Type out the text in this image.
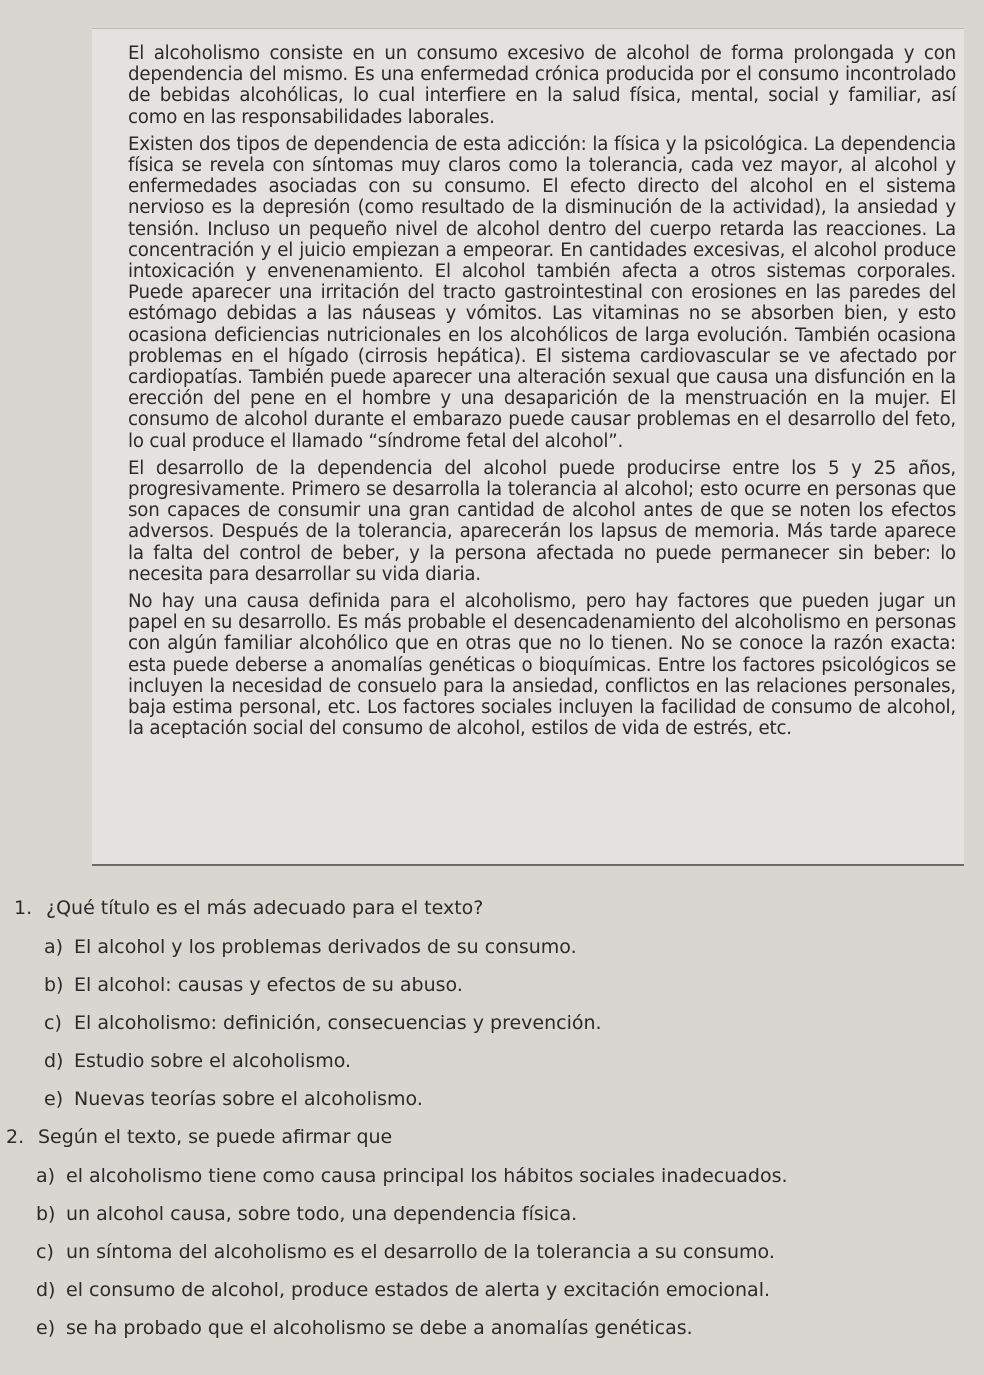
El alcoholismo consiste en un consumo excesivo de alcohol de forma prolongada y con dependencia del mismo. Es una enfermedad crónica producida por el consumo incontrolado de bebidas alcohólicas, lo cual interfiere en la salud física, mental, social y familiar, así como en las responsabilidades laborales.

Existen dos tipos de dependencia de esta adicción: la física y la psicológica. La dependencia física se revela con síntomas muy claros como la tolerancia, cada vez mayor, al alcohol y enfermedades asociadas con su consumo. El efecto directo del alcohol en el sistema nervioso es la depresión (como resultado de la disminución de la actividad), la ansiedad y tensión. Incluso un pequeño nivel de alcohol dentro del cuerpo retarda las reacciones. La concentración y el juicio empiezan a empeorar. En cantidades excesivas, el alcohol produce intoxicación y envenenamiento. El alcohol también afecta a otros sistemas corporales. Puede aparecer una irritación del tracto gastrointestinal con erosiones en las paredes del estómago debidas a las náuseas y vómitos. Las vitaminas no se absorben bien, y esto ocasiona deficiencias nutricionales en los alcohólicos de larga evolución. También ocasiona problemas en el hígado (cirrosis hepática). El sistema cardiovascular se ve afectado por cardiopatías. También puede aparecer una alteración sexual que causa una disfunción en la erección del pene en el hombre y una desaparición de la menstruación en la mujer. El consumo de alcohol durante el embarazo puede causar problemas en el desarrollo del feto, lo cual produce el llamado “síndrome fetal del alcohol”.

El desarrollo de la dependencia del alcohol puede producirse entre los 5 y 25 años, progresivamente. Primero se desarrolla la tolerancia al alcohol; esto ocurre en personas que son capaces de consumir una gran cantidad de alcohol antes de que se noten los efectos adversos. Después de la tolerancia, aparecerán los lapsus de memoria. Más tarde aparece la falta del control de beber, y la persona afectada no puede permanecer sin beber: lo necesita para desarrollar su vida diaria.

No hay una causa definida para el alcoholismo, pero hay factores que pueden jugar un papel en su desarrollo. Es más probable el desencadenamiento del alcoholismo en personas con algún familiar alcohólico que en otras que no lo tienen. No se conoce la razón exacta: esta puede deberse a anomalías genéticas o bioquímicas. Entre los factores psicológicos se incluyen la necesidad de consuelo para la ansiedad, conflictos en las relaciones personales, baja estima personal, etc. Los factores sociales incluyen la facilidad de consumo de alcohol, la aceptación social del consumo de alcohol, estilos de vida de estrés, etc.

1. ¿Qué título es el más adecuado para el texto?
a) El alcohol y los problemas derivados de su consumo.
b) El alcohol: causas y efectos de su abuso.
c) El alcoholismo: definición, consecuencias y prevención.
d) Estudio sobre el alcoholismo.
e) Nuevas teorías sobre el alcoholismo.
2. Según el texto, se puede afirmar que
a) el alcoholismo tiene como causa principal los hábitos sociales inadecuados.
b) un alcohol causa, sobre todo, una dependencia física.
c) un síntoma del alcoholismo es el desarrollo de la tolerancia a su consumo.
d) el consumo de alcohol, produce estados de alerta y excitación emocional.
e) se ha probado que el alcoholismo se debe a anomalías genéticas.
